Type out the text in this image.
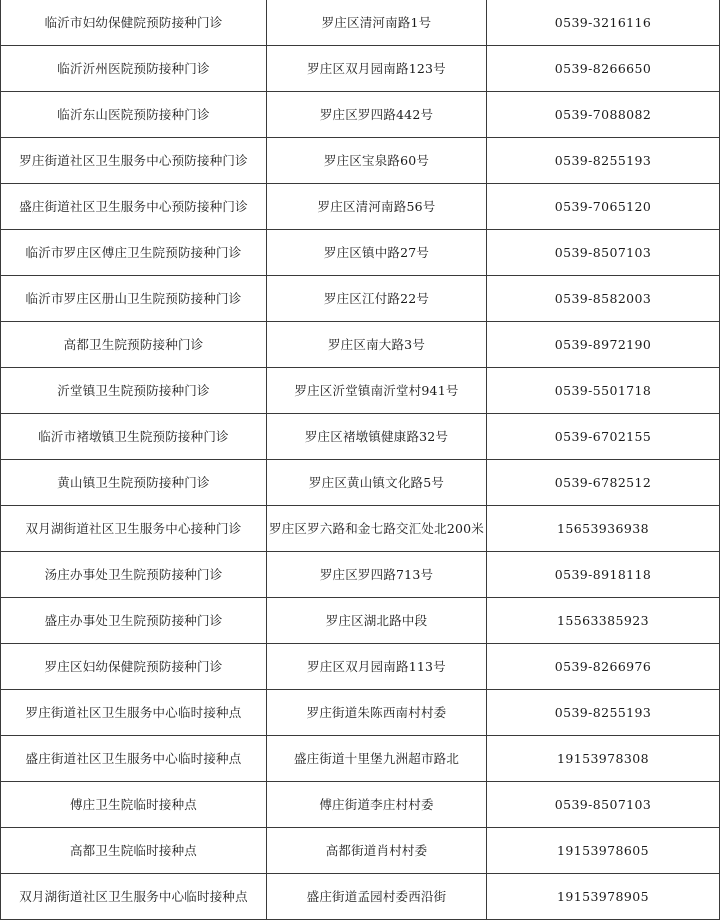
临沂市妇幼保健院预防接种门诊	罗庄区清河南路1号	0539-3216116
临沂沂州医院预防接种门诊	罗庄区双月园南路123号	0539-8266650
临沂东山医院预防接种门诊	罗庄区罗四路442号	0539-7088082
罗庄街道社区卫生服务中心预防接种门诊	罗庄区宝泉路60号	0539-8255193
盛庄街道社区卫生服务中心预防接种门诊	罗庄区清河南路56号	0539-7065120
临沂市罗庄区傅庄卫生院预防接种门诊	罗庄区镇中路27号	0539-8507103
临沂市罗庄区册山卫生院预防接种门诊	罗庄区江付路22号	0539-8582003
高都卫生院预防接种门诊	罗庄区南大路3号	0539-8972190
沂堂镇卫生院预防接种门诊	罗庄区沂堂镇南沂堂村941号	0539-5501718
临沂市褚墩镇卫生院预防接种门诊	罗庄区褚墩镇健康路32号	0539-6702155
黄山镇卫生院预防接种门诊	罗庄区黄山镇文化路5号	0539-6782512
双月湖街道社区卫生服务中心接种门诊	罗庄区罗六路和金七路交汇处北200米	15653936938
汤庄办事处卫生院预防接种门诊	罗庄区罗四路713号	0539-8918118
盛庄办事处卫生院预防接种门诊	罗庄区湖北路中段	15563385923
罗庄区妇幼保健院预防接种门诊	罗庄区双月园南路113号	0539-8266976
罗庄街道社区卫生服务中心临时接种点	罗庄街道朱陈西南村村委	0539-8255193
盛庄街道社区卫生服务中心临时接种点	盛庄街道十里堡九洲超市路北	19153978308
傅庄卫生院临时接种点	傅庄街道李庄村村委	0539-8507103
高都卫生院临时接种点	高都街道肖村村委	19153978605
双月湖街道社区卫生服务中心临时接种点	盛庄街道孟园村委西沿街	19153978905
